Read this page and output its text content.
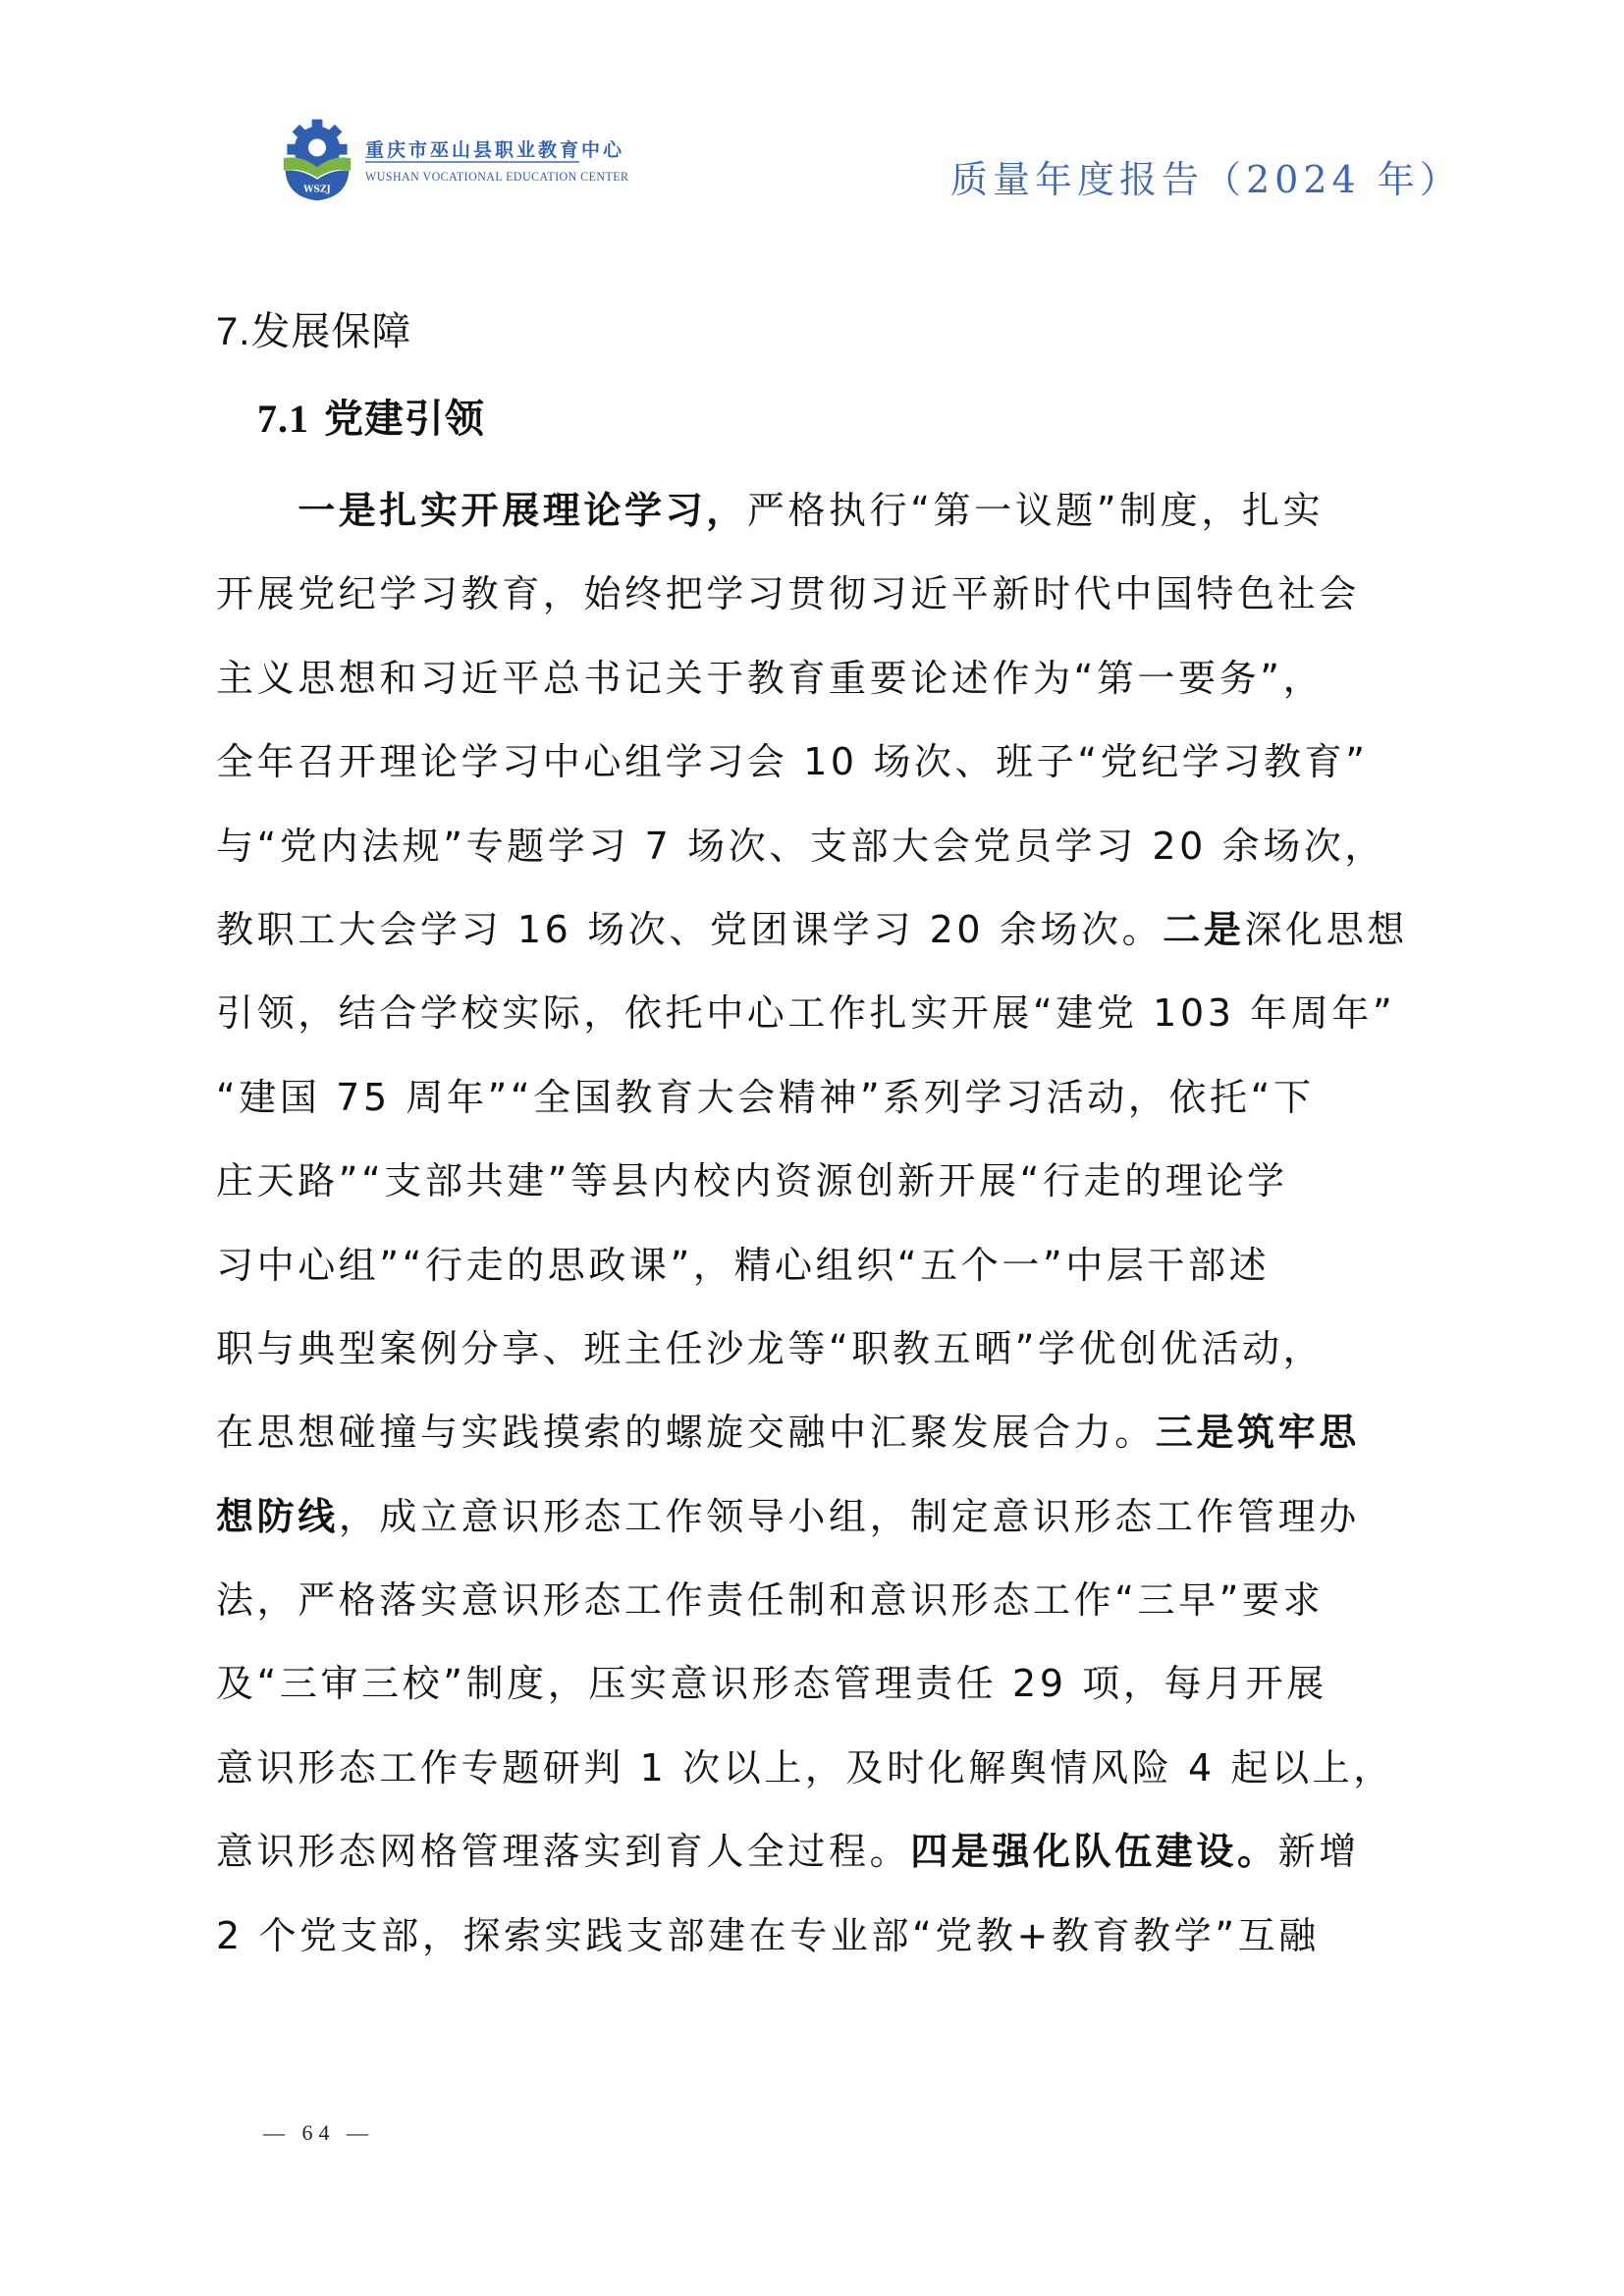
WSZJ
重庆市巫山县职业教育中心
WUSHAN VOCATIONAL EDUCATION CENTER	质量年度报告（2024 年）
7.发展保障
7.1 党建引领
　　一是扎实开展理论学习，严格执行“第一议题”制度，扎实
开展党纪学习教育，始终把学习贯彻习近平新时代中国特色社会
主义思想和习近平总书记关于教育重要论述作为“第一要务”，
全年召开理论学习中心组学习会 10 场次、班子“党纪学习教育”
与“党内法规”专题学习 7 场次、支部大会党员学习 20 余场次，
教职工大会学习 16 场次、党团课学习 20 余场次。二是深化思想
引领，结合学校实际，依托中心工作扎实开展“建党 103 年周年”
“建国 75 周年”“全国教育大会精神”系列学习活动，依托“下
庄天路”“支部共建”等县内校内资源创新开展“行走的理论学
习中心组”“行走的思政课”，精心组织“五个一”中层干部述
职与典型案例分享、班主任沙龙等“职教五晒”学优创优活动，
在思想碰撞与实践摸索的螺旋交融中汇聚发展合力。三是筑牢思
想防线，成立意识形态工作领导小组，制定意识形态工作管理办
法，严格落实意识形态工作责任制和意识形态工作“三早”要求
及“三审三校”制度，压实意识形态管理责任 29 项，每月开展
意识形态工作专题研判 1 次以上，及时化解舆情风险 4 起以上，
意识形态网格管理落实到育人全过程。四是强化队伍建设。新增
2 个党支部，探索实践支部建在专业部“党教+教育教学”互融
— 64 —
